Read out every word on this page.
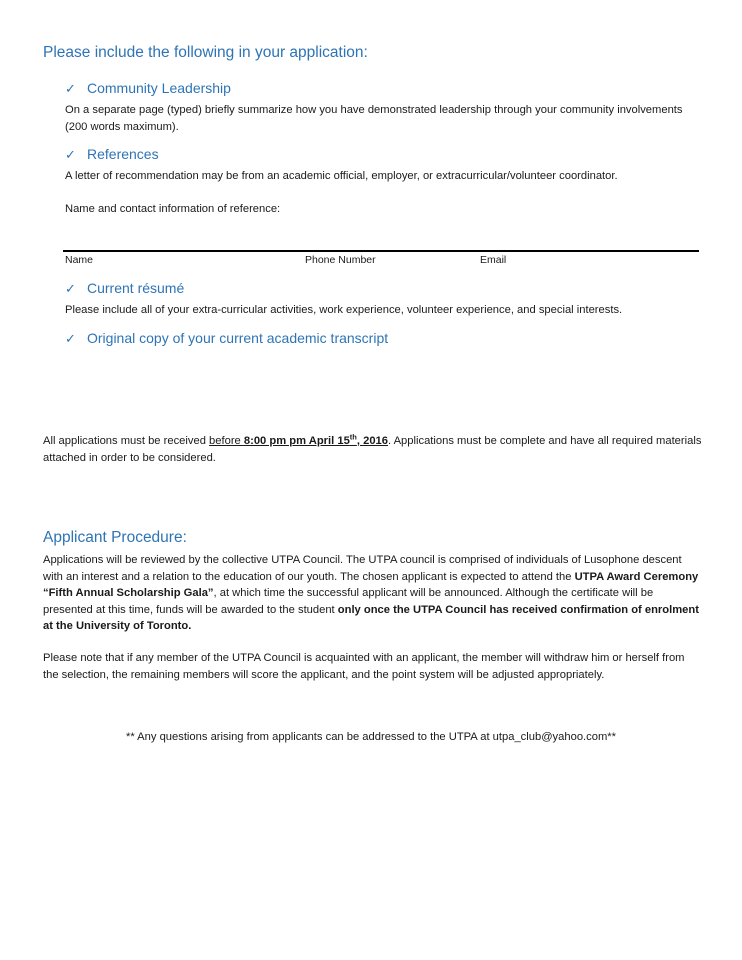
Please include the following in your application:
✓ Community Leadership
On a separate page (typed) briefly summarize how you have demonstrated leadership through your community involvements (200 words maximum).
✓ References
A letter of recommendation may be from an academic official, employer, or extracurricular/volunteer coordinator.
Name and contact information of reference:
Name	Phone Number	Email
✓ Current résumé
Please include all of your extra-curricular activities, work experience, volunteer experience, and special interests.
✓ Original copy of your current academic transcript
All applications must be received before 8:00 pm pm April 15th, 2016. Applications must be complete and have all required materials attached in order to be considered.
Applicant Procedure:
Applications will be reviewed by the collective UTPA Council. The UTPA council is comprised of individuals of Lusophone descent with an interest and a relation to the education of our youth. The chosen applicant is expected to attend the UTPA Award Ceremony “Fifth Annual Scholarship Gala”, at which time the successful applicant will be announced. Although the certificate will be presented at this time, funds will be awarded to the student only once the UTPA Council has received confirmation of enrolment at the University of Toronto.
Please note that if any member of the UTPA Council is acquainted with an applicant, the member will withdraw him or herself from the selection, the remaining members will score the applicant, and the point system will be adjusted appropriately.
** Any questions arising from applicants can be addressed to the UTPA at utpa_club@yahoo.com**
